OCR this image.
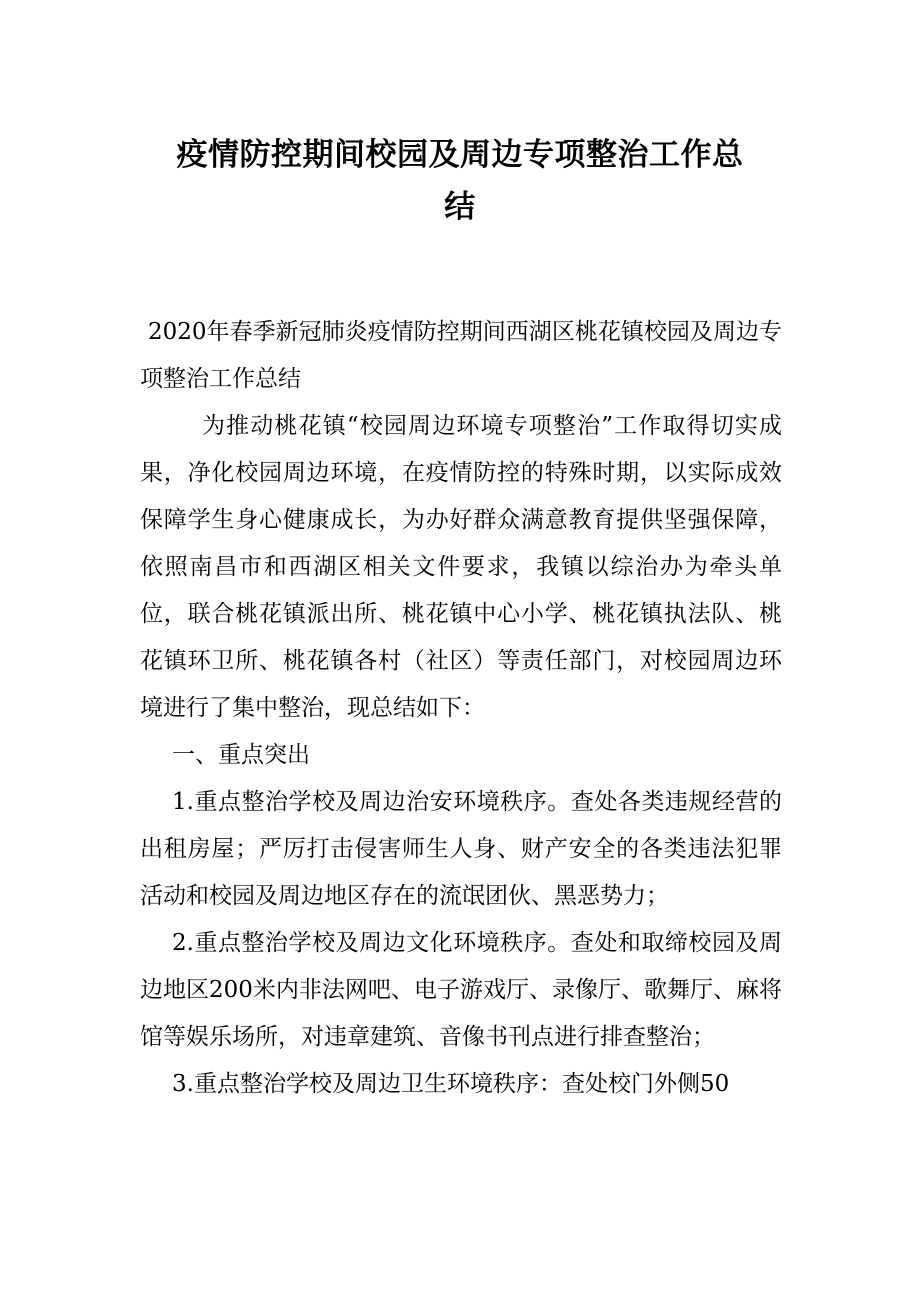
疫情防控期间校园及周边专项整治工作总
结

2020年春季新冠肺炎疫情防控期间西湖区桃花镇校园及周边专项整治工作总结

为推动桃花镇“校园周边环境专项整治”工作取得切实成果，净化校园周边环境，在疫情防控的特殊时期，以实际成效保障学生身心健康成长，为办好群众满意教育提供坚强保障，依照南昌市和西湖区相关文件要求，我镇以综治办为牵头单位，联合桃花镇派出所、桃花镇中心小学、桃花镇执法队、桃花镇环卫所、桃花镇各村（社区）等责任部门，对校园周边环境进行了集中整治，现总结如下：

一、重点突出

1.重点整治学校及周边治安环境秩序。查处各类违规经营的出租房屋；严厉打击侵害师生人身、财产安全的各类违法犯罪活动和校园及周边地区存在的流氓团伙、黑恶势力；

2.重点整治学校及周边文化环境秩序。查处和取缔校园及周边地区200米内非法网吧、电子游戏厅、录像厅、歌舞厅、麻将馆等娱乐场所，对违章建筑、音像书刊点进行排查整治；

3.重点整治学校及周边卫生环境秩序：查处校门外侧50
